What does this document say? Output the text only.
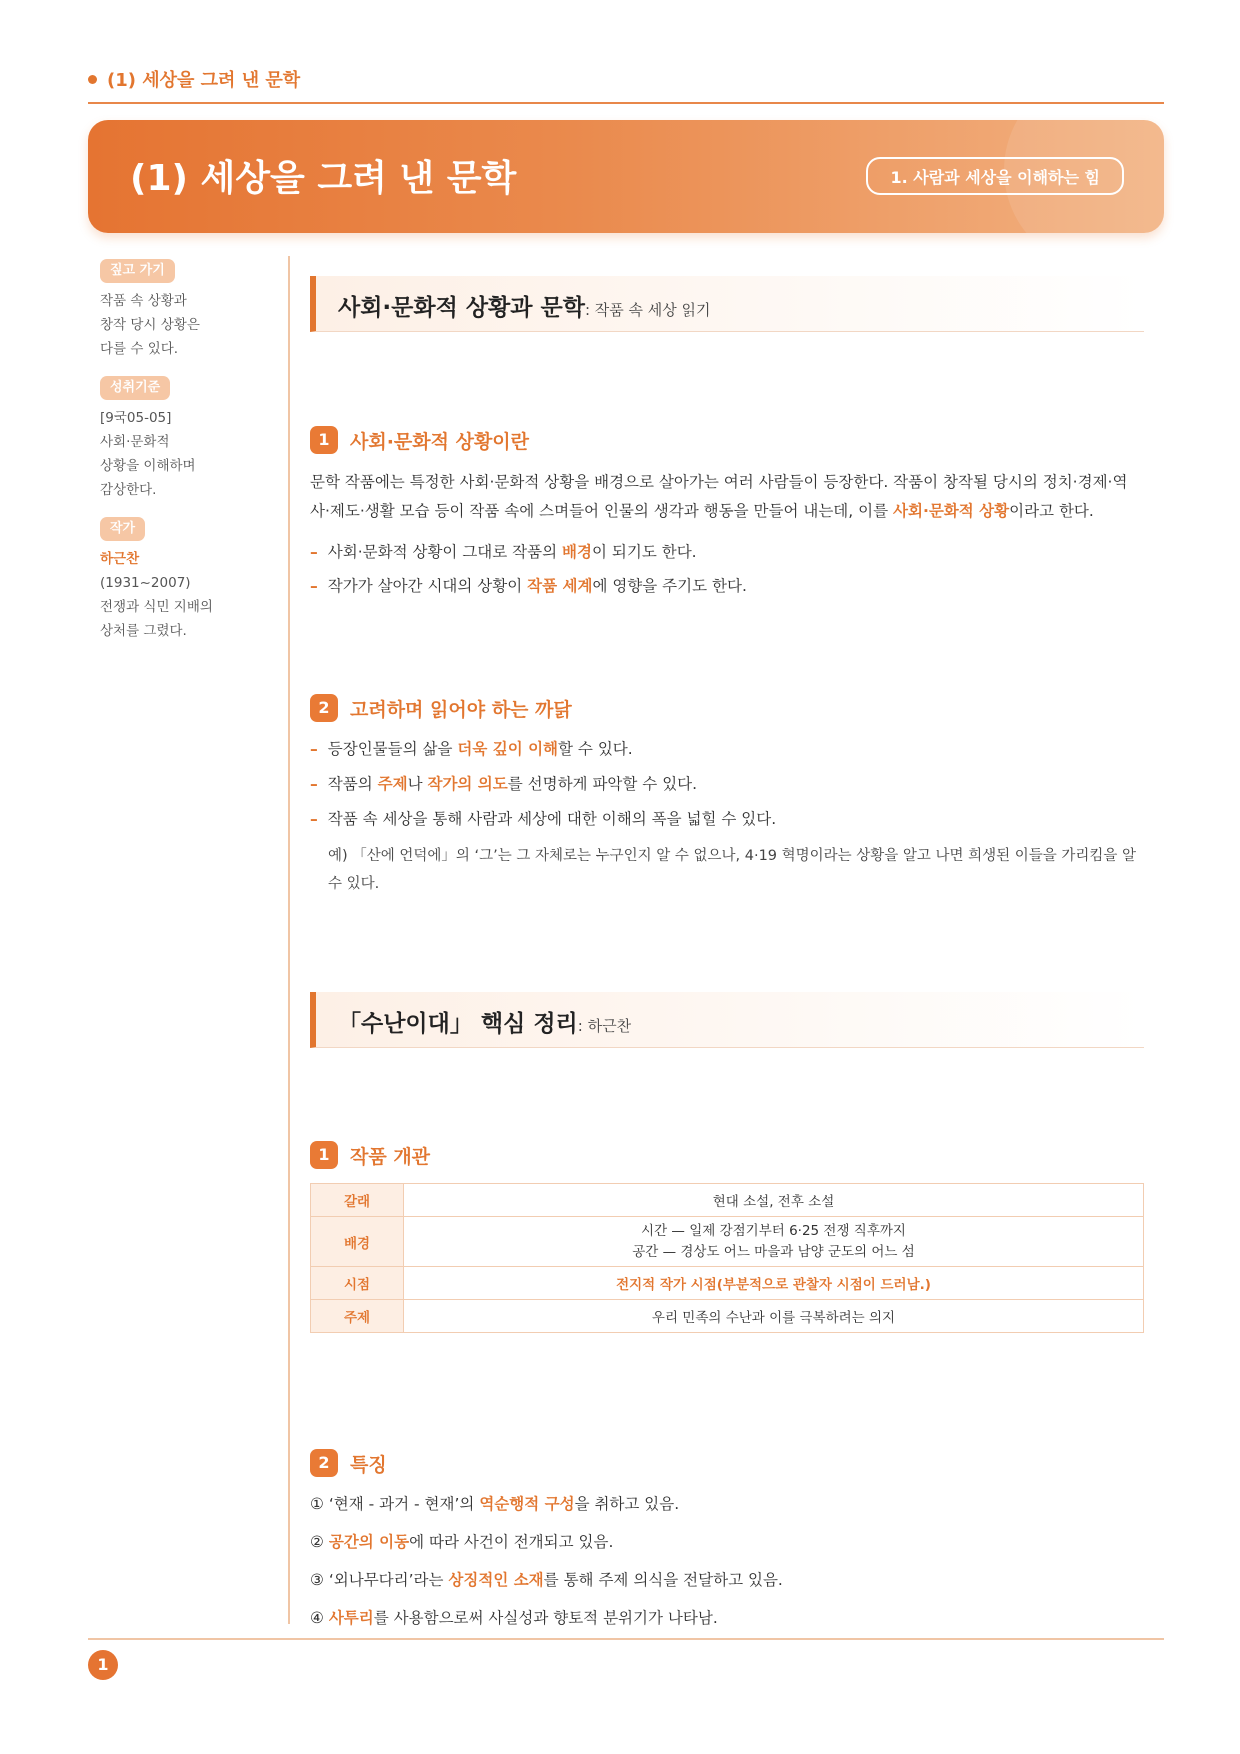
(1) 세상을 그려 낸 문학
(1) 세상을 그려 낸 문학	1. 사람과 세상을 이해하는 힘
짚고 가기
작품 속 상황과
창작 당시 상황은
다를 수 있다.
성취기준
[9국05-05]
사회·문화적
상황을 이해하며
감상한다.
작가
하근찬
(1931~2007)
전쟁과 식민 지배의
상처를 그렸다.
사회·문화적 상황과 문학: 작품 속 세상 읽기
1	사회·문화적 상황이란
문학 작품에는 특정한 사회·문화적 상황을 배경으로 살아가는 여러 사람들이 등장한다. 작품이 창작될 당시의 정치·경제·역사·제도·생활 모습 등이 작품 속에 스며들어 인물의 생각과 행동을 만들어 내는데, 이를 사회·문화적 상황이라고 한다.
– 사회·문화적 상황이 그대로 작품의 배경이 되기도 한다.
– 작가가 살아간 시대의 상황이 작품 세계에 영향을 주기도 한다.
2	고려하며 읽어야 하는 까닭
– 등장인물들의 삶을 더욱 깊이 이해할 수 있다.
– 작품의 주제나 작가의 의도를 선명하게 파악할 수 있다.
– 작품 속 세상을 통해 사람과 세상에 대한 이해의 폭을 넓힐 수 있다.
예) 「산에 언덕에」의 ‘그’는 그 자체로는 누구인지 알 수 없으나, 4·19 혁명이라는 상황을 알고 나면 희생된 이들을 가리킴을 알 수 있다.
「수난이대」 핵심 정리: 하근찬
1	작품 개관
갈래	현대 소설, 전후 소설
배경	시간 — 일제 강점기부터 6·25 전쟁 직후까지
공간 — 경상도 어느 마을과 남양 군도의 어느 섬

시점	전지적 작가 시점(부분적으로 관찰자 시점이 드러남.)
주제	우리 민족의 수난과 이를 극복하려는 의지
2	특징
① ‘현재 - 과거 - 현재’의 역순행적 구성을 취하고 있음.
② 공간의 이동에 따라 사건이 전개되고 있음.
③ ‘외나무다리’라는 상징적인 소재를 통해 주제 의식을 전달하고 있음.
④ 사투리를 사용함으로써 사실성과 향토적 분위기가 나타남.
1
